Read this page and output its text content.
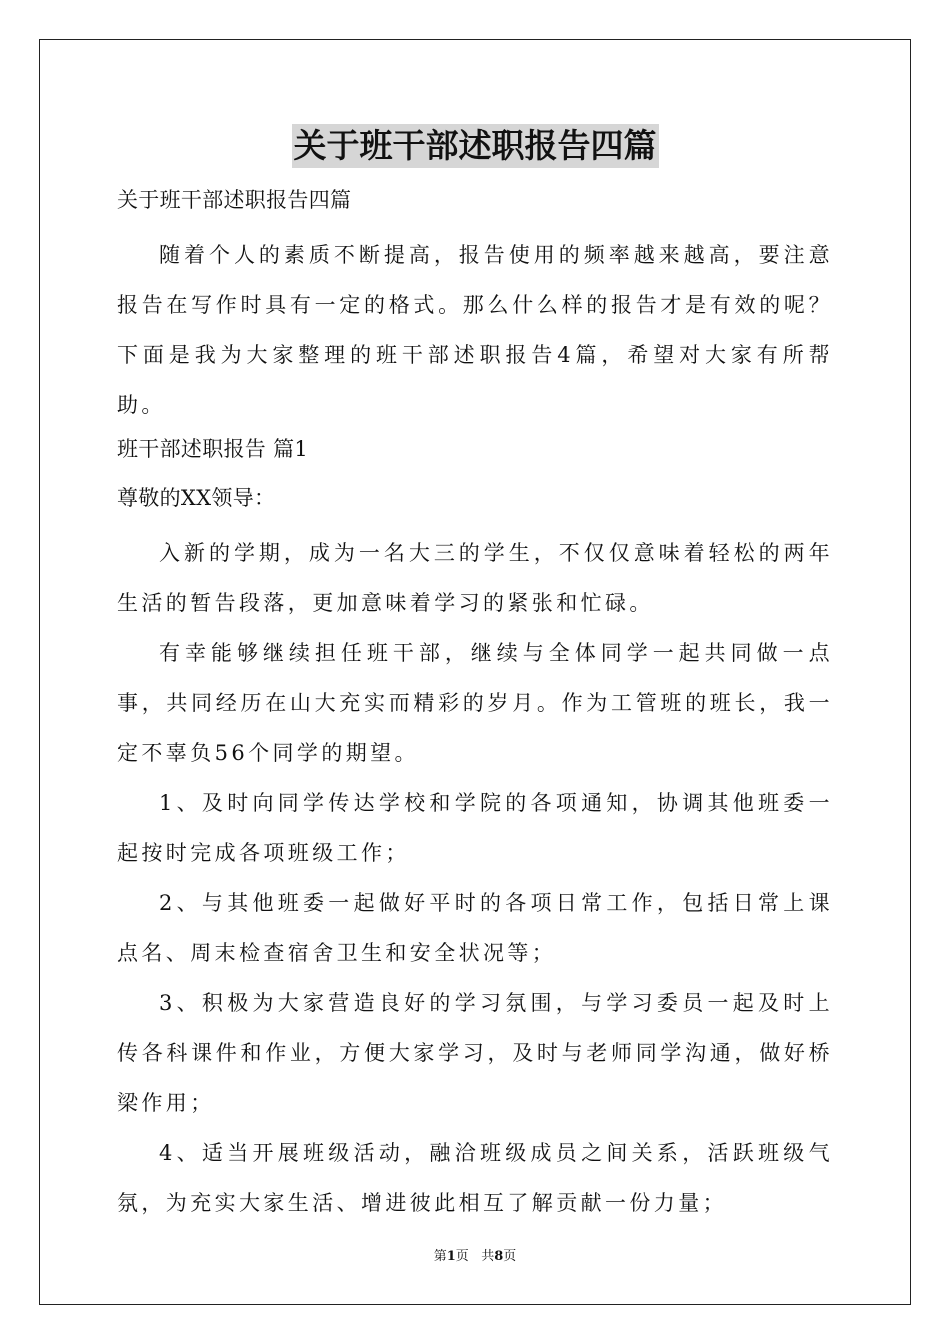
关于班干部述职报告四篇
关于班干部述职报告四篇

随着个人的素质不断提高，报告使用的频率越来越高，要注意报告在写作时具有一定的格式。那么什么样的报告才是有效的呢？下面是我为大家整理的班干部述职报告4篇，希望对大家有所帮助。

班干部述职报告 篇1
尊敬的XX领导：

入新的学期，成为一名大三的学生，不仅仅意味着轻松的两年生活的暂告段落，更加意味着学习的紧张和忙碌。

有幸能够继续担任班干部，继续与全体同学一起共同做一点事，共同经历在山大充实而精彩的岁月。作为工管班的班长，我一定不辜负56个同学的期望。

1、及时向同学传达学校和学院的各项通知，协调其他班委一起按时完成各项班级工作；

2、与其他班委一起做好平时的各项日常工作，包括日常上课点名、周末检查宿舍卫生和安全状况等；

3、积极为大家营造良好的学习氛围，与学习委员一起及时上传各科课件和作业，方便大家学习，及时与老师同学沟通，做好桥梁作用；

4、适当开展班级活动，融洽班级成员之间关系，活跃班级气氛，为充实大家生活、增进彼此相互了解贡献一份力量；

第1页 共8页
